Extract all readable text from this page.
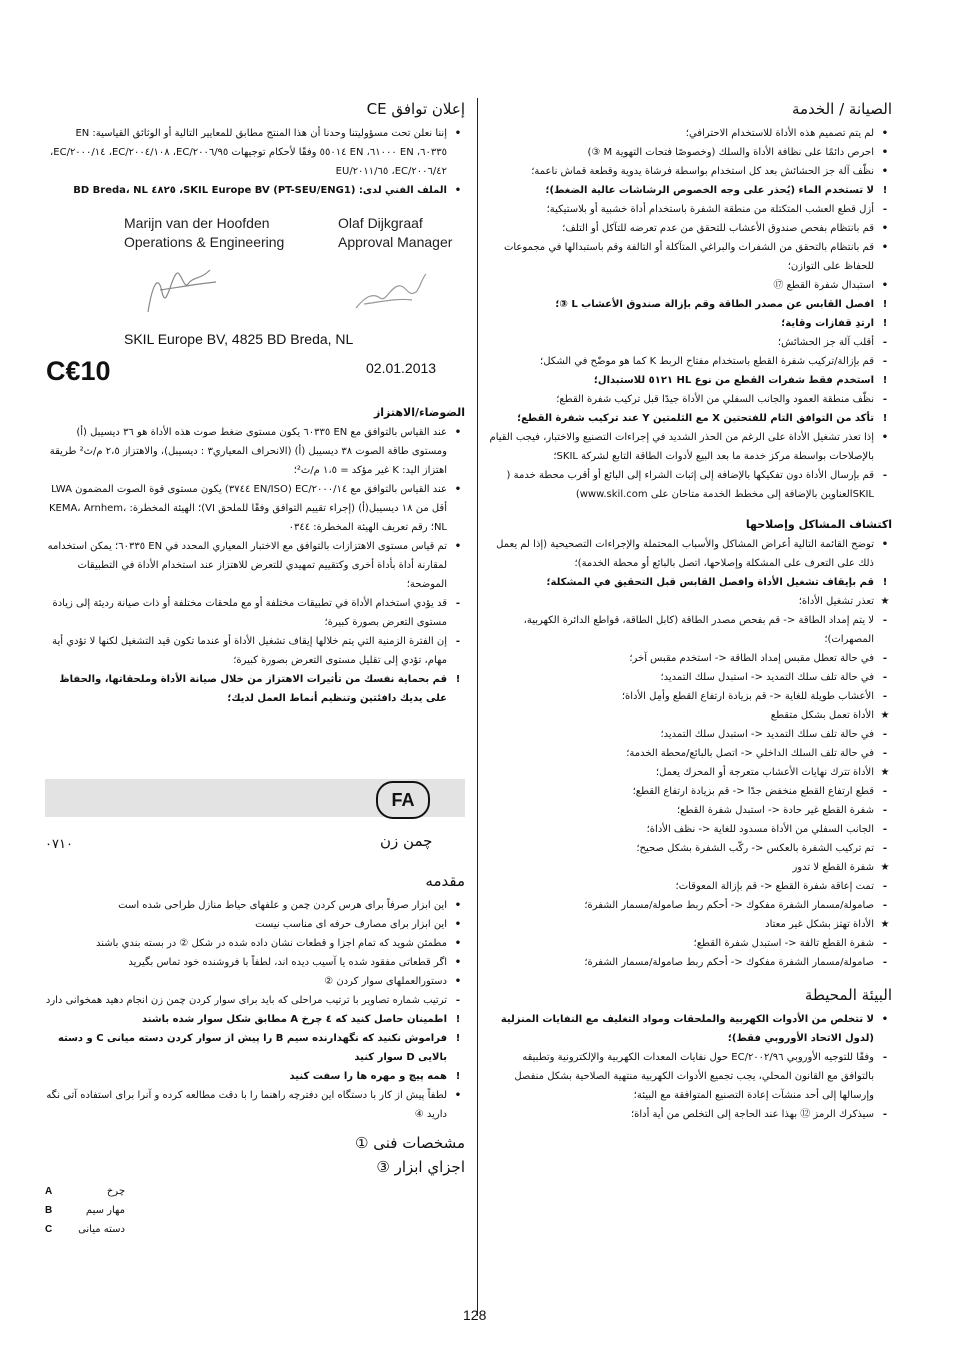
الصيانة / الخدمة
•
لم يتم تصميم هذه الأداة للاستخدام الاحترافي؛
•
احرص دائمًا على نظافة الأداة والسلك (وخصوصًا فتحات التهوية M ③)
•
نظّف آلة جز الحشائش بعد كل استخدام بواسطة فرشاة يدوية وقطعة قماش ناعمة؛
!
لا تستخدم الماء (يُحذر على وجه الخصوص الرشاشات عالية الضغط)؛
-
أزل قطع العشب المتكتلة من منطقة الشفرة باستخدام أداة خشبية أو بلاستيكية؛
•
قم بانتظام بفحص صندوق الأعشاب للتحقق من عدم تعرضه للتآكل أو التلف؛
•
قم بانتظام بالتحقق من الشفرات والبراغي المتآكلة أو التالفة وقم باستبدالها في مجموعات للحفاظ على التوازن؛
•
استبدال شفرة القطع ⑰
!
افصل القابس عن مصدر الطاقة وقم بإزالة صندوق الأعشاب L ③؛
!
ارتدِ قفازات وقاية؛
-
أقلب آلة جز الحشائش؛
-
قم بإزالة/تركيب شفرة القطع باستخدام مفتاح الربط K كما هو موضّح في الشكل؛
!
استخدم فقط شفرات القطع من نوع HL ٥١٢١ للاستبدال؛
-
نظّف منطقة العمود والجانب السفلي من الأداة جيدًا قبل تركيب شفرة القطع؛
!
تأكد من التوافق التام للفتحتين X مع الثلمتين Y عند تركيب شفرة القطع؛
•
إذا تعذر تشغيل الأداة على الرغم من الحذر الشديد في إجراءات التصنيع والاختبار، فيجب القيام بالإصلاحات بواسطة مركز خدمة ما بعد البيع لأدوات الطاقة التابع لشركة SKIL؛
-
قم بإرسال الأداة دون تفكيكها بالإضافة إلى إثبات الشراء إلى البائع أو أقرب محطة خدمة ( SKILالعناوين بالإضافة إلى مخطط الخدمة متاحان على www.skil.com)
اكتشاف المشاكل وإصلاحها
•
توضح القائمة التالية أعراض المشاكل والأسباب المحتملة والإجراءات التصحيحية (إذا لم يعمل ذلك على التعرف على المشكلة وإصلاحها، اتصل بالبائع أو محطة الخدمة)؛
!
قم بإيقاف تشغيل الأداة وافصل القابس قبل التحقيق في المشكلة؛
★
تعذر تشغيل الأداة؛
-
لا يتم إمداد الطاقة <- قم بفحص مصدر الطاقة (كابل الطاقة، قواطع الدائرة الكهربية، المصهرات)؛
-
في حالة تعطل مقبس إمداد الطاقة <- استخدم مقبس آخر؛
-
في حالة تلف سلك التمديد <- استبدل سلك التمديد؛
-
الأعشاب طويلة للغاية <- قم بزيادة ارتفاع القطع وأمِل الأداة؛
★
الأداة تعمل بشكل متقطع
-
في حالة تلف سلك التمديد <- استبدل سلك التمديد؛
-
في حالة تلف السلك الداخلي <- اتصل بالبائع/محطة الخدمة؛
★
الأداة تترك نهايات الأعشاب متعرجة أو المحرك يعمل؛
-
قطع ارتفاع القطع منخفض جدًا <- قم بزيادة ارتفاع القطع؛
-
شفرة القطع غير حادة <- استبدل شفرة القطع؛
-
الجانب السفلي من الأداة مسدود للغاية <- نظف الأداة؛
-
تم تركيب الشفرة بالعكس <- ركّب الشفرة بشكل صحيح؛
★
شفرة القطع لا تدور
-
تمت إعاقة شفرة القطع <- قم بإزالة المعوقات؛
-
صامولة/مسمار الشفرة مفكوك <- أحكم ربط صامولة/مسمار الشفرة؛
★
الأداة تهتز بشكل غير معتاد
-
شفرة القطع تالفة <- استبدل شفرة القطع؛
-
صامولة/مسمار الشفرة مفكوك <- أحكم ربط صامولة/مسمار الشفرة؛
البيئة المحيطة
•
لا تتخلص من الأدوات الكهربية والملحقات ومواد التغليف مع النفايات المنزلية (لدول الاتحاد الأوروبي فقط)؛
-
وفقًا للتوجيه الأوروبي ٢٠٠٢/٩٦/EC حول نفايات المعدات الكهربية والإلكترونية وتطبيقه بالتوافق مع القانون المحلي، يجب تجميع الأدوات الكهربية منتهية الصلاحية بشكل منفصل وإرسالها إلى أحد منشآت إعادة التصنيع المتوافقة مع البيئة؛
-
سيذكرك الرمز ⑫ بهذا عند الحاجة إلى التخلص من أية أداة؛
إعلان توافق CE
•
إننا نعلن تحت مسؤوليتنا وحدنا أن هذا المنتج مطابق للمعايير التالية أو الوثائق القياسية: EN ٦٠٣٣٥، EN ٦١٠٠٠، EN ٥٥٠١٤ وفقًا لأحكام توجيهات ٢٠٠٦/٩٥/EC، ٢٠٠٤/١٠٨/EC، ٢٠٠٠/١٤/EC، ٢٠٠٦/٤٢/EC، ٢٠١١/٦٥/EU
•
الملف الفني لدى: SKIL Europe BV (PT-SEU/ENG1)، ٤٨٢٥ BD Breda، NL
Marijn van der Hoofden
Operations & Engineering
Olaf Dijkgraaf
Approval Manager
SKIL Europe BV, 4825 BD Breda, NL
C€10	02.01.2013
الضوضاء/الاهتزاز
•
عند القياس بالتوافق مع EN ٦٠٣٣٥ يكون مستوى ضغط صوت هذه الأداة هو ٣٦ ديسيبل (أ) ومستوى طاقة الصوت ٣٨ ديسيبل (أ) (الانحراف المعياري٣ : ديسيبل)، والاهتزاز ٢،٥ م/ث² طريقة اهتزاز اليد: K غير مؤكد = ١،٥ م/ث²؛
•
عند القياس بالتوافق مع ٢٠٠٠/١٤/EC (EN/ISO ٣٧٤٤) يكون مستوى قوة الصوت المضمون LWA أقل من ١٨ ديسيبل(أ) (إجراء تقييم التوافق وفقًا للملحق VI)؛ الهيئة المخطرة: KEMA، Arnhem، NL؛ رقم تعريف الهيئة المخطرة: ٠٣٤٤
•
تم قياس مستوى الاهتزازات بالتوافق مع الاختبار المعياري المحدد في EN ٦٠٣٣٥؛ يمكن استخدامه لمقارنة أداة بأداة أخرى وكتقييم تمهيدي للتعرض للاهتزاز عند استخدام الأداة في التطبيقات الموضحة؛
-
قد يؤدي استخدام الأداة في تطبيقات مختلفة أو مع ملحقات مختلفة أو ذات صيانة رديئة إلى زيادة مستوى التعرض بصورة كبيرة؛
-
إن الفترة الزمنية التي يتم خلالها إيقاف تشغيل الأداة أو عندما تكون قيد التشغيل لكنها لا تؤدي أية مهام، تؤدي إلى تقليل مستوى التعرض بصورة كبيرة؛
!
قم بحماية نفسك من تأثيرات الاهتزاز من خلال صيانة الأداة وملحقاتها، والحفاظ على يديك دافئتين وتنظيم أنماط العمل لديك؛
FA
٠٧١٠	چمن زن
مقدمه
•
اين ابزار صرفاً براى هرس كردن چمن و علفهای حیاط منازل طراحی شده است
•
اين ابزار برای مصارف حرفه ای مناسب نيست
•
مطمئن شويد كه تمام اجزا و قطعات نشان داده شده در شكل ② در بسته بندي باشند
•
اگر قطعاتی مفقود شده يا آسيب ديده اند، لطفاً با فروشنده خود تماس بگيريد
•
دستورالعملهای سوار كردن ②
-
ترتيب شماره تصاوير با ترتيب مراحلی كه بايد برای سوار كردن چمن زن انجام دهيد همخوانی دارد
!
اطمينان حاصل كنيد كه ٤ چرخ A مطابق شكل سوار شده باشند
!
فراموش نكنيد كه نگهدارنده سيم B را پيش از سوار كردن دسته ميانی C و دسته بالايی D سوار كنيد
!
همه پيچ و مهره ها را سفت كنيد
•
لطفاً پيش از كار با دستگاه اين دفترچه راهنما را با دقت مطالعه كرده و آنرا برای استفاده آتی نگه داريد ④
مشخصات فنی ①
اجزاي ابزار ③
چرخ
A
مهار سيم
B
دسته میانی
C
128
